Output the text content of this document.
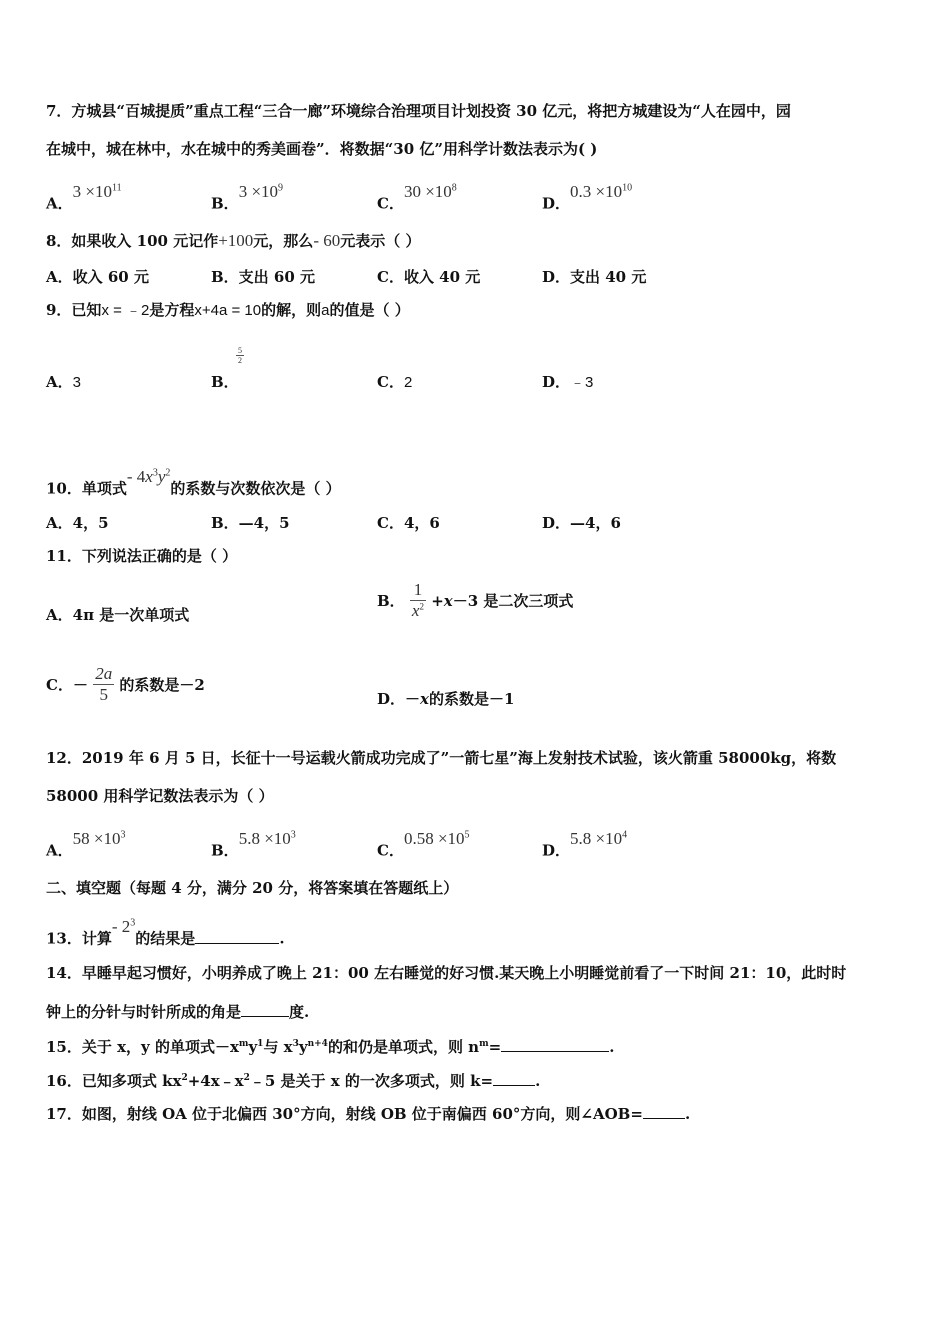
7．方城县“百城提质”重点工程“三合一廊”环境综合治理项目计划投资 30 亿元，将把方城建设为“人在园中，园
在城中，城在林中，水在城中的秀美画卷”．将数据“30 亿”用科学计数法表示为( )
A．$3 \times 10^{11}$
B．$3 \times 10^9$
C．$30 \times 10^8$
D．$0.3 \times 10^{10}$
8．如果收入 100 元记作+100元，那么- 60元表示（ ）
A．收入 60 元	B．支出 60 元	C．收入 40 元	D．支出 40 元
9．已知x = ﹣2是方程x+4a = 10的解，则a的值是（ ）
A．3	B．
$\frac{5}{2}$
C．2	D．﹣3
10．单项式- $4x^3y^2$的系数与次数依次是（ ）
A．4，5	B．—4，5	C．4，6	D．—4，6
11．下列说法正确的是（ ）
A．4π 是一次单项式
B． $\frac{1}{x^2} +x-3$ 是二次三项式
C．－ $\frac{2a}{5}$ 的系数是－2
D．－x的系数是－1
12．2019 年 6 月 5 日，长征十一号运载火箭成功完成了”一箭七星”海上发射技术试验，该火箭重 58000kg，将数
58000 用科学记数法表示为（ ）
A．$58 \times 10^3$
B．$5.8 \times 10^3$
C．$0.58 \times 10^5$
D．$5.8 \times 10^4$
二、填空题（每题 4 分，满分 20 分，将答案填在答题纸上）
13．计算- $2^3$的结果是	.
14．早睡早起习惯好，小明养成了晚上 21：00 左右睡觉的好习惯.某天晚上小明睡觉前看了一下时间 21：10，此时时
钟上的分针与时针所成的角是	度.
15．关于 x，y 的单项式$-x^my^1$与 $x^3y^{n+4}$的和仍是单项式，则 $n^m=$	.
16．已知多项式 $kx^2+4x﹣x^2﹣5$ 是关于 x 的一次多项式，则 k=	.
17．如图，射线 OA 位于北偏西 30°方向，射线 OB 位于南偏西 60°方向，则∠AOB=	.
